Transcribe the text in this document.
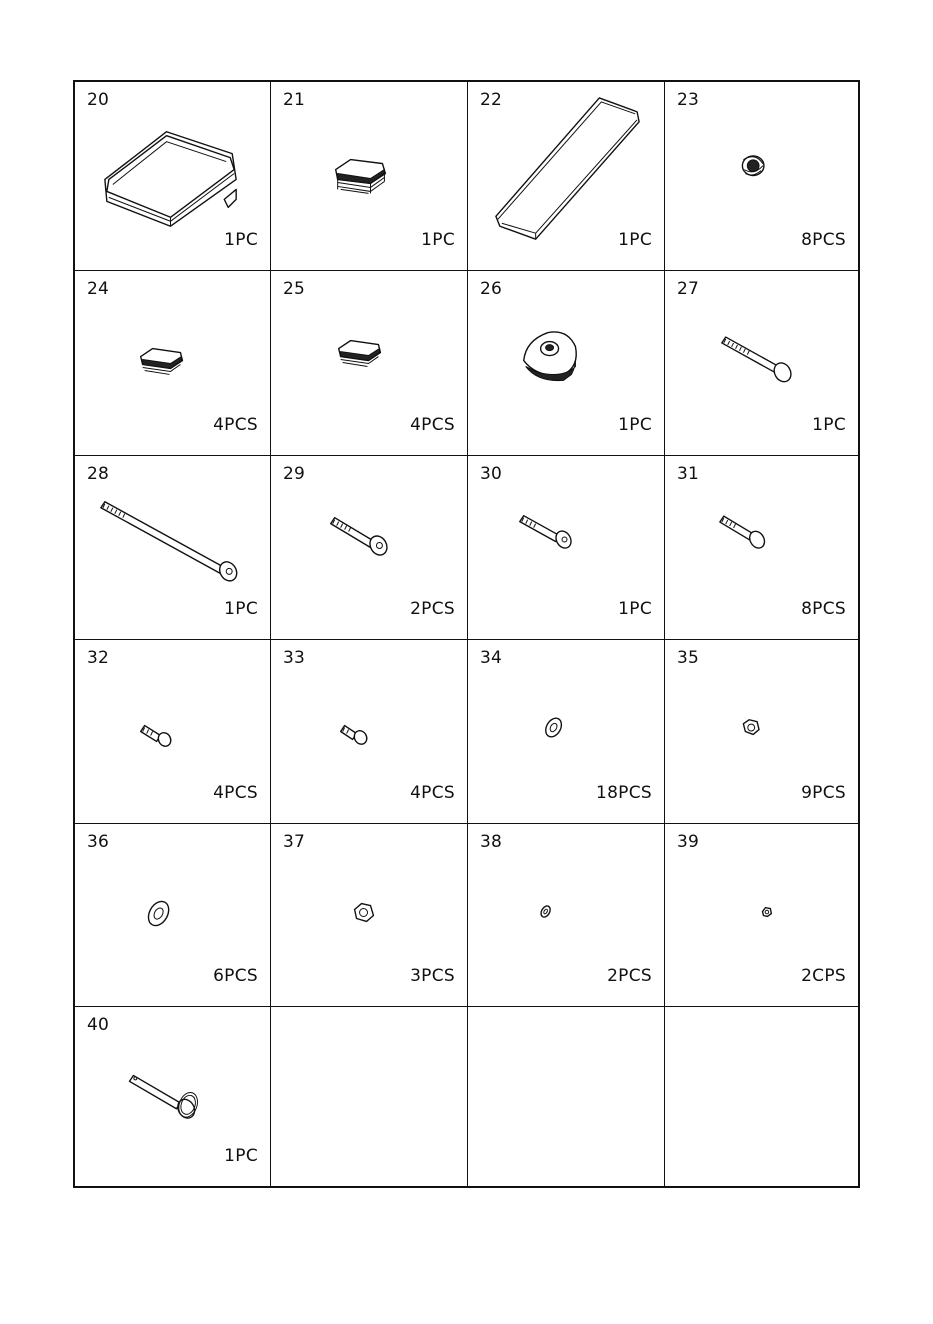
20
1PC
21
1PC
22
1PC
23
8PCS
24
4PCS
25
4PCS
26
1PC
27
1PC
28
1PC
29
2PCS
30
1PC
31
8PCS
32
4PCS
33
4PCS
34
18PCS
35
9PCS
36
6PCS
37
3PCS
38
2PCS
39
2CPS
40
1PC
